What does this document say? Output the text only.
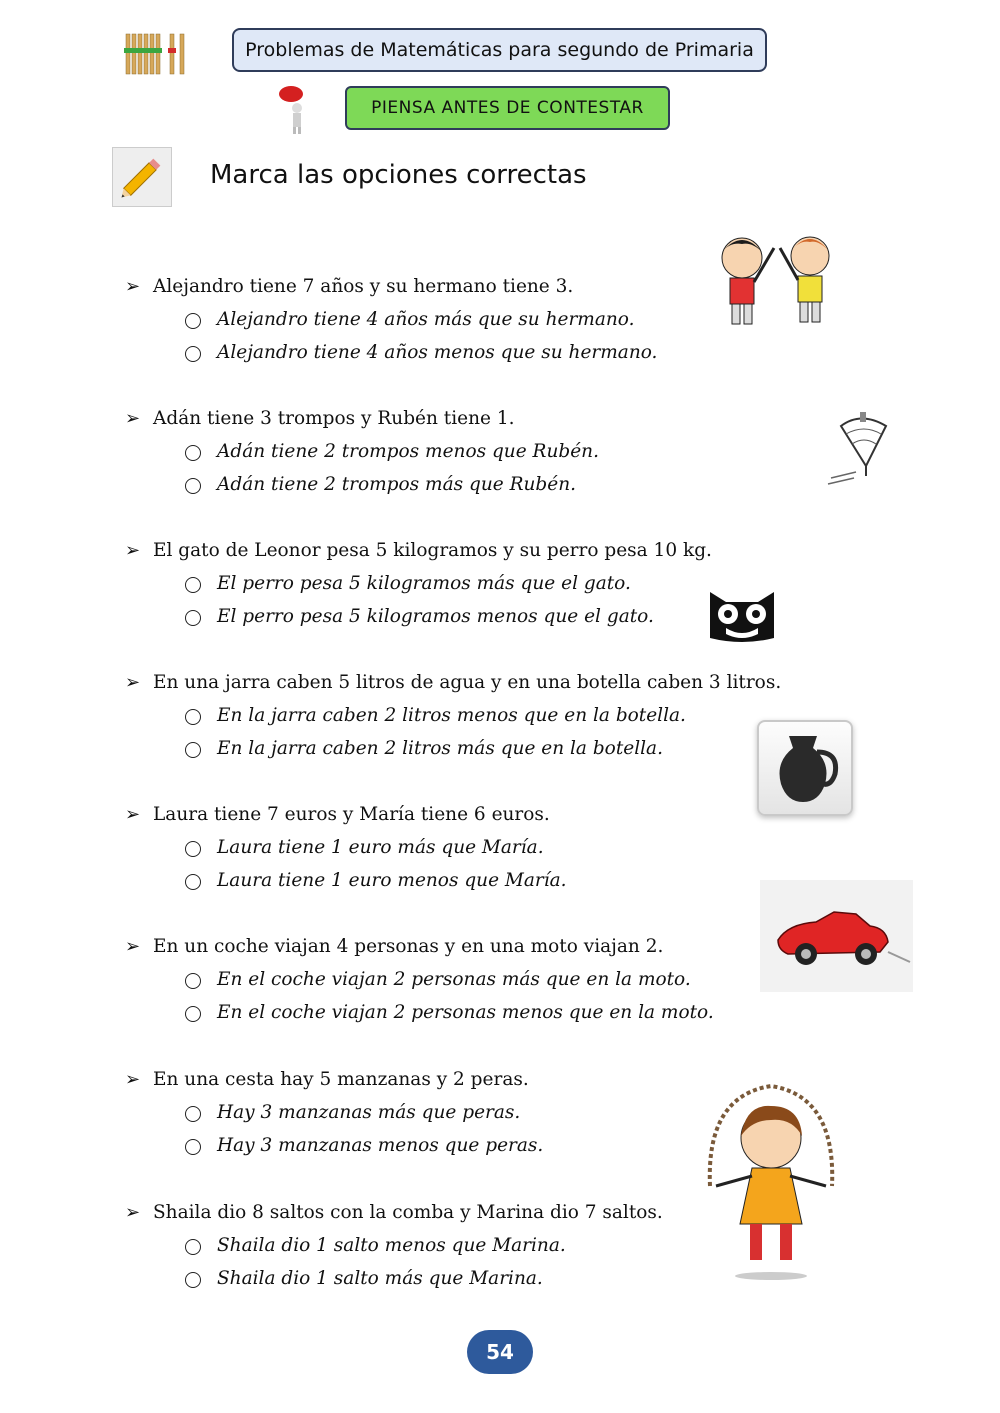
Problemas de Matemáticas para segundo de Primaria
PIENSA ANTES DE CONTESTAR
Marca las opciones correctas
➢ Alejandro tiene 7 años y su hermano tiene 3.
Alejandro tiene 4 años más que su hermano.
Alejandro tiene 4 años menos que su hermano.
➢ Adán tiene 3 trompos y Rubén tiene 1.
Adán tiene 2 trompos menos que Rubén.
Adán tiene 2 trompos más que Rubén.
➢ El gato de Leonor pesa 5 kilogramos y su perro pesa 10 kg.
El perro pesa 5 kilogramos más que el gato.
El perro pesa 5 kilogramos menos que el gato.
➢ En una jarra caben 5 litros de agua y en una botella caben 3 litros.
En la jarra caben 2 litros menos que en la botella.
En la jarra caben 2 litros más que en la botella.
➢ Laura tiene 7 euros y María tiene 6 euros.
Laura tiene 1 euro más que María.
Laura tiene 1 euro menos que María.
➢ En un coche viajan 4 personas y en una moto viajan 2.
En el coche viajan 2 personas más que en la moto.
En el coche viajan 2 personas menos que en la moto.
➢ En una cesta hay 5 manzanas y 2 peras.
Hay 3 manzanas más que peras.
Hay 3 manzanas menos que peras.
➢ Shaila dio 8 saltos con la comba y Marina dio 7 saltos.
Shaila dio 1 salto menos que Marina.
Shaila dio 1 salto más que Marina.
54
